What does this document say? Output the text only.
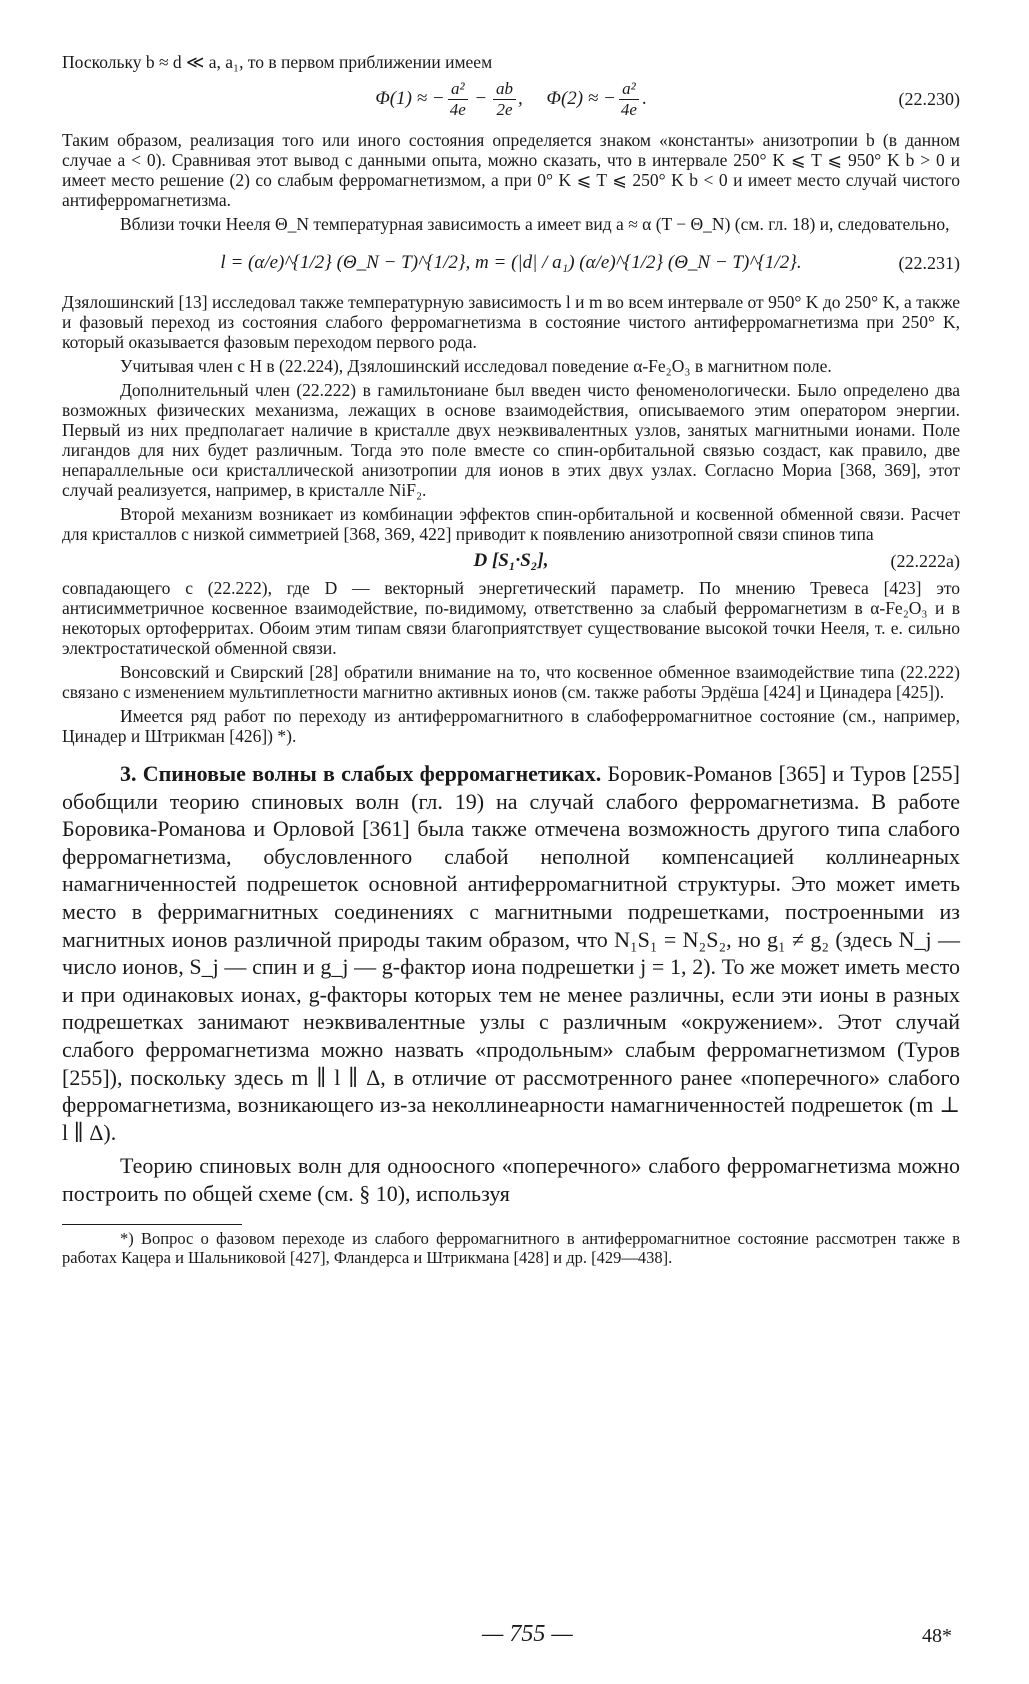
Поскольку b ≈ d ≪ a, a₁, то в первом приближении имеем

Φ(1) ≈ − $\frac{\text{a²}}{4e} - \frac{ab}{2e}$ ,     Φ(2) ≈ − $\frac{\text{a²}}{4e}$ .	(22.230)

Таким образом, реализация того или иного состояния определяется знаком «константы» анизотропии b (в данном случае a < 0). Сравнивая этот вывод с данными опыта, можно сказать, что в интервале 250° K ⩽ T ⩽ 950° K b > 0 и имеет место решение (2) со слабым ферромагнетизмом, а при 0° K ⩽ T ⩽ 250° K b < 0 и имеет место случай чистого антиферромагнетизма.

Вблизи точки Нееля Θ_N температурная зависимость a имеет вид a ≈ α (T − Θ_N) (см. гл. 18) и, следовательно,

l = (α/e)^{1/2} (Θ_N − T)^{1/2}, m = (|d| / a₁) (α/e)^{1/2} (Θ_N − T)^{1/2}.	(22.231)

Дзялошинский [13] исследовал также температурную зависимость l и m во всем интервале от 950° K до 250° K, а также и фазовый переход из состояния слабого ферромагнетизма в состояние чистого антиферромагнетизма при 250° K, который оказывается фазовым переходом первого рода.

Учитывая член с H в (22.224), Дзялошинский исследовал поведение α-Fe₂O₃ в магнитном поле.

Дополнительный член (22.222) в гамильтониане был введен чисто феноменологически. Было определено два возможных физических механизма, лежащих в основе взаимодействия, описываемого этим оператором энергии. Первый из них предполагает наличие в кристалле двух неэквивалентных узлов, занятых магнитными ионами. Поле лигандов для них будет различным. Тогда это поле вместе со спин-орбитальной связью создаст, как правило, две непараллельные оси кристаллической анизотропии для ионов в этих двух узлах. Согласно Мориа [368, 369], этот случай реализуется, например, в кристалле NiF₂.

Второй механизм возникает из комбинации эффектов спин-орбитальной и косвенной обменной связи. Расчет для кристаллов с низкой симметрией [368, 369, 422] приводит к появлению анизотропной связи спинов типа

D [S₁·S₂],	(22.222a)

совпадающего с (22.222), где D — векторный энергетический параметр. По мнению Тревеса [423] это антисимметричное косвенное взаимодействие, по-видимому, ответственно за слабый ферромагнетизм в α-Fe₂O₃ и в некоторых ортоферритах. Обоим этим типам связи благоприятствует существование высокой точки Нееля, т. е. сильно электростатической обменной связи.

Вонсовский и Свирский [28] обратили внимание на то, что косвенное обменное взаимодействие типа (22.222) связано с изменением мультиплетности магнитно активных ионов (см. также работы Эрдёша [424] и Цинадера [425]).

Имеется ряд работ по переходу из антиферромагнитного в слабоферромагнитное состояние (см., например, Цинадер и Штрикман [426]) *).

3. Спиновые волны в слабых ферромагнетиках. Боровик-Романов [365] и Туров [255] обобщили теорию спиновых волн (гл. 19) на случай слабого ферромагнетизма. В работе Боровика-Романова и Орловой [361] была также отмечена возможность другого типа слабого ферромагнетизма, обусловленного слабой неполной компенсацией коллинеарных намагниченностей подрешеток основной антиферромагнитной структуры. Это может иметь место в ферримагнитных соединениях с магнитными подрешетками, построенными из магнитных ионов различной природы таким образом, что N₁S₁ = N₂S₂, но g₁ ≠ g₂ (здесь N_j — число ионов, S_j — спин и g_j — g-фактор иона подрешетки j = 1, 2). То же может иметь место и при одинаковых ионах, g-факторы которых тем не менее различны, если эти ионы в разных подрешетках занимают неэквивалентные узлы с различным «окружением». Этот случай слабого ферромагнетизма можно назвать «продольным» слабым ферромагнетизмом (Туров [255]), поскольку здесь m ∥ l ∥ Δ, в отличие от рассмотренного ранее «поперечного» слабого ферромагнетизма, возникающего из-за неколлинеарности намагниченностей подрешеток (m ⊥ l ∥ Δ).

Теорию спиновых волн для одноосного «поперечного» слабого ферромагнетизма можно построить по общей схеме (см. § 10), используя

*) Вопрос о фазовом переходе из слабого ферромагнитного в антиферромагнитное состояние рассмотрен также в работах Кацера и Шальниковой [427], Фландерса и Штрикмана [428] и др. [429—438].

— 755 —	48*
